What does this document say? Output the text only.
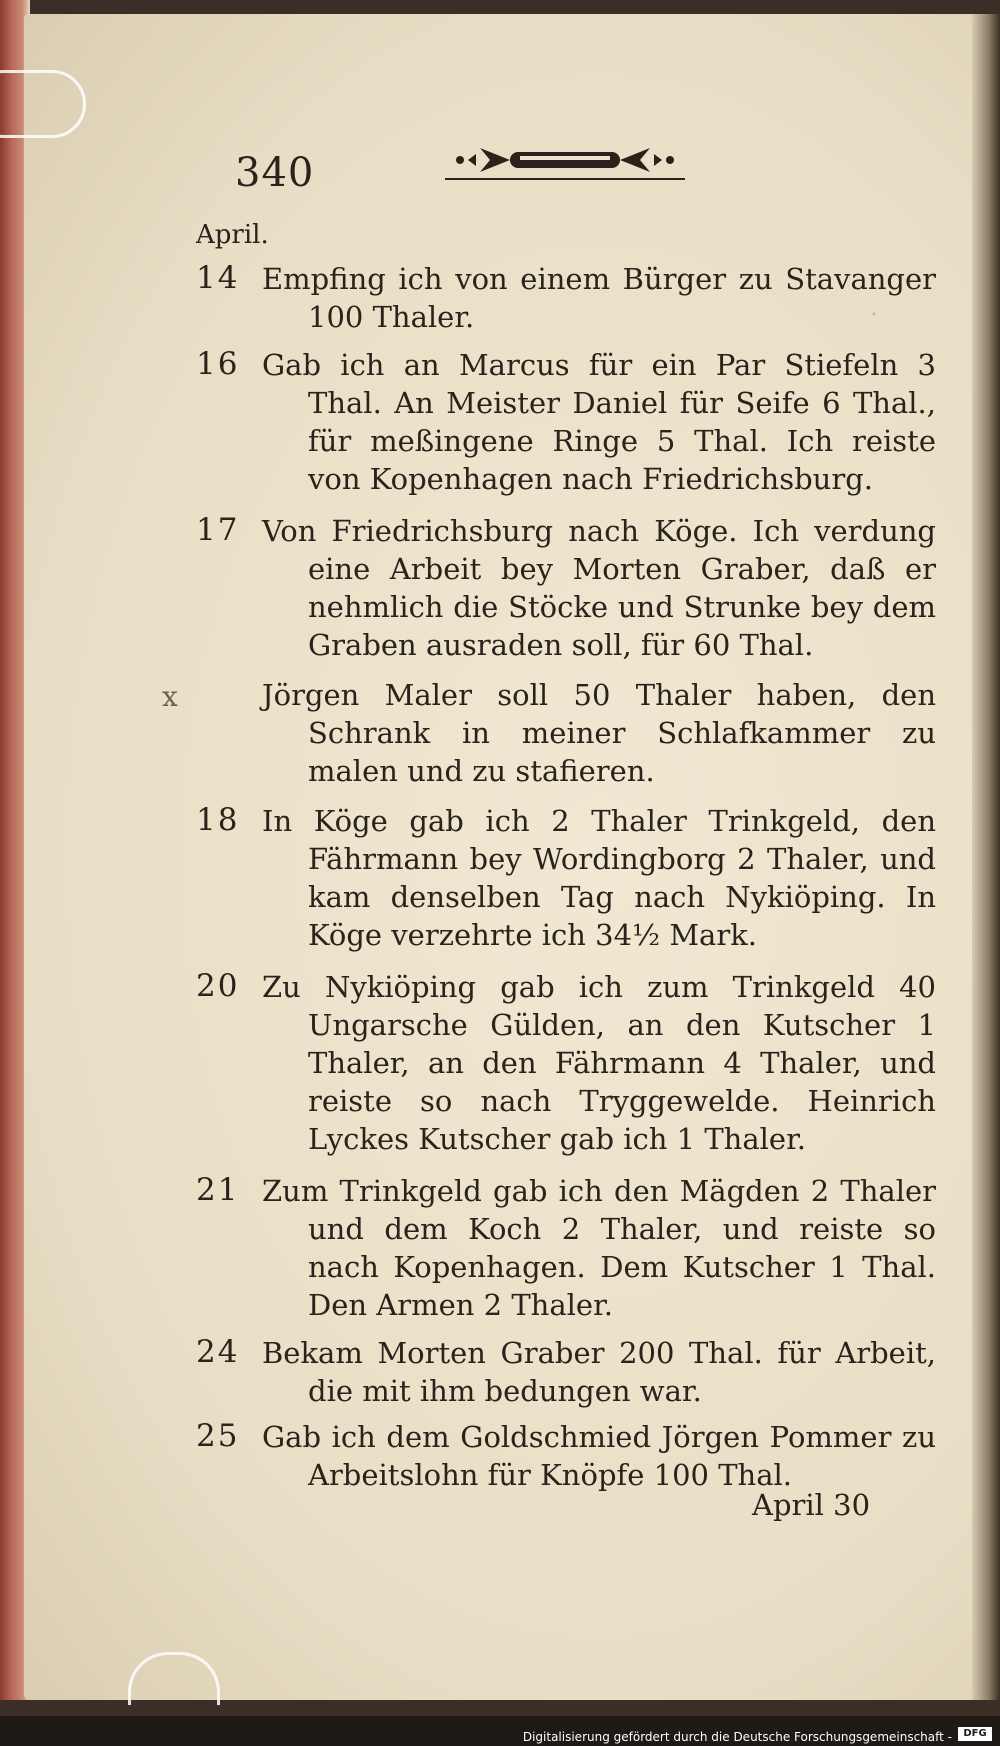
·
340
April.
x
14 Empfing ich von einem Bürger zu Stavanger 100 Thaler.
16 Gab ich an Marcus für ein Par Stiefeln 3 Thal. An Meister Daniel für Seife 6 Thal., für meßingene Ringe 5 Thal. Ich reiste von Kopenhagen nach Friedrichsburg.
17 Von Friedrichsburg nach Köge. Ich verdung eine Arbeit bey Morten Graber, daß er nehmlich die Stöcke und Strunke bey dem Graben ausraden soll, für 60 Thal.
Jörgen Maler soll 50 Thaler haben, den Schrank in meiner Schlafkammer zu malen und zu stafieren.
18 In Köge gab ich 2 Thaler Trinkgeld, den Fährmann bey Wordingborg 2 Thaler, und kam denselben Tag nach Nykiöping. In Köge verzehrte ich 34½ Mark.
20 Zu Nykiöping gab ich zum Trinkgeld 40 Ungarsche Gülden, an den Kutscher 1 Thaler, an den Fährmann 4 Thaler, und reiste so nach Tryggewelde. Heinrich Lyckes Kutscher gab ich 1 Thaler.
21 Zum Trinkgeld gab ich den Mägden 2 Thaler und dem Koch 2 Thaler, und reiste so nach Kopenhagen. Dem Kutscher 1 Thal. Den Armen 2 Thaler.
24 Bekam Morten Graber 200 Thal. für Arbeit, die mit ihm bedungen war.
25 Gab ich dem Goldschmied Jörgen Pommer zu Arbeitslohn für Knöpfe 100 Thal.
April 30
Digitalisierung gefördert durch die Deutsche Forschungsgemeinschaft -	DFG
